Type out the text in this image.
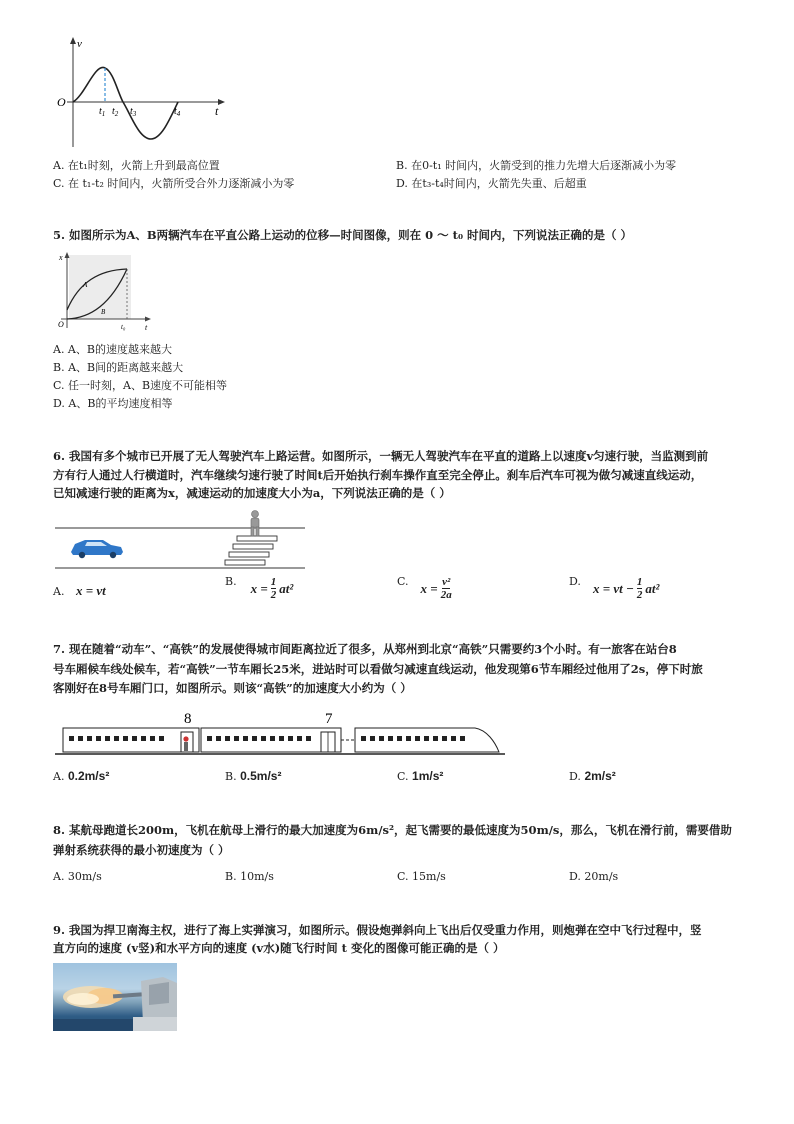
v
t
O
$t_1$ $t_2$ $t_3$	$t_4$
A. 在t₁时刻，火箭上升到最高位置	B. 在0-t₁ 时间内，火箭受到的推力先增大后逐渐减小为零
C. 在 t₁-t₂ 时间内，火箭所受合外力逐渐减小为零	D. 在t₃-t₄时间内，火箭先失重、后超重
5. 如图所示为A、B两辆汽车在平直公路上运动的位移—时间图像，则在 0 ～ t₀ 时间内，下列说法正确的是（ ）
x
t
O
A
B
t₀
A. A、B的速度越来越大
B. A、B间的距离越来越大
C. 任一时刻，A、B速度不可能相等
D. A、B的平均速度相等
6. 我国有多个城市已开展了无人驾驶汽车上路运营。如图所示，一辆无人驾驶汽车在平直的道路上以速度v匀速行驶，当监测到前
方有行人通过人行横道时，汽车继续匀速行驶了时间t后开始执行刹车操作直至完全停止。刹车后汽车可视为做匀减速直线运动，
已知减速行驶的距离为x，减速运动的加速度大小为a，下列说法正确的是（ ）
A. x = vt
B. $x = \frac{1}{2} at^2$	C. $x = \frac{\text{v²}}{2a}$	D. x = vt − $\frac{1}{2} at^2$
7. 现在随着“动车”、“高铁”的发展使得城市间距离拉近了很多，从郑州到北京“高铁”只需要约3个小时。有一旅客在站台8
号车厢候车线处候车，若“高铁”一节车厢长25米，进站时可以看做匀减速直线运动，他发现第6节车厢经过他用了2s，停下时旅
客刚好在8号车厢门口，如图所示。则该“高铁”的加速度大小约为（ ）
8	7
A. 0.2m/s²	B. 0.5m/s²	C. 1m/s²	D. 2m/s²
8. 某航母跑道长200m，飞机在航母上滑行的最大加速度为6m/s²，起飞需要的最低速度为50m/s，那么，飞机在滑行前，需要借助
弹射系统获得的最小初速度为（ ）
A. 30m/s	B. 10m/s	C. 15m/s	D. 20m/s
9. 我国为捍卫南海主权，进行了海上实弹演习，如图所示。假设炮弹斜向上飞出后仅受重力作用，则炮弹在空中飞行过程中，竖
直方向的速度 (v竖)和水平方向的速度 (v水)随飞行时间 t 变化的图像可能正确的是（ ）
